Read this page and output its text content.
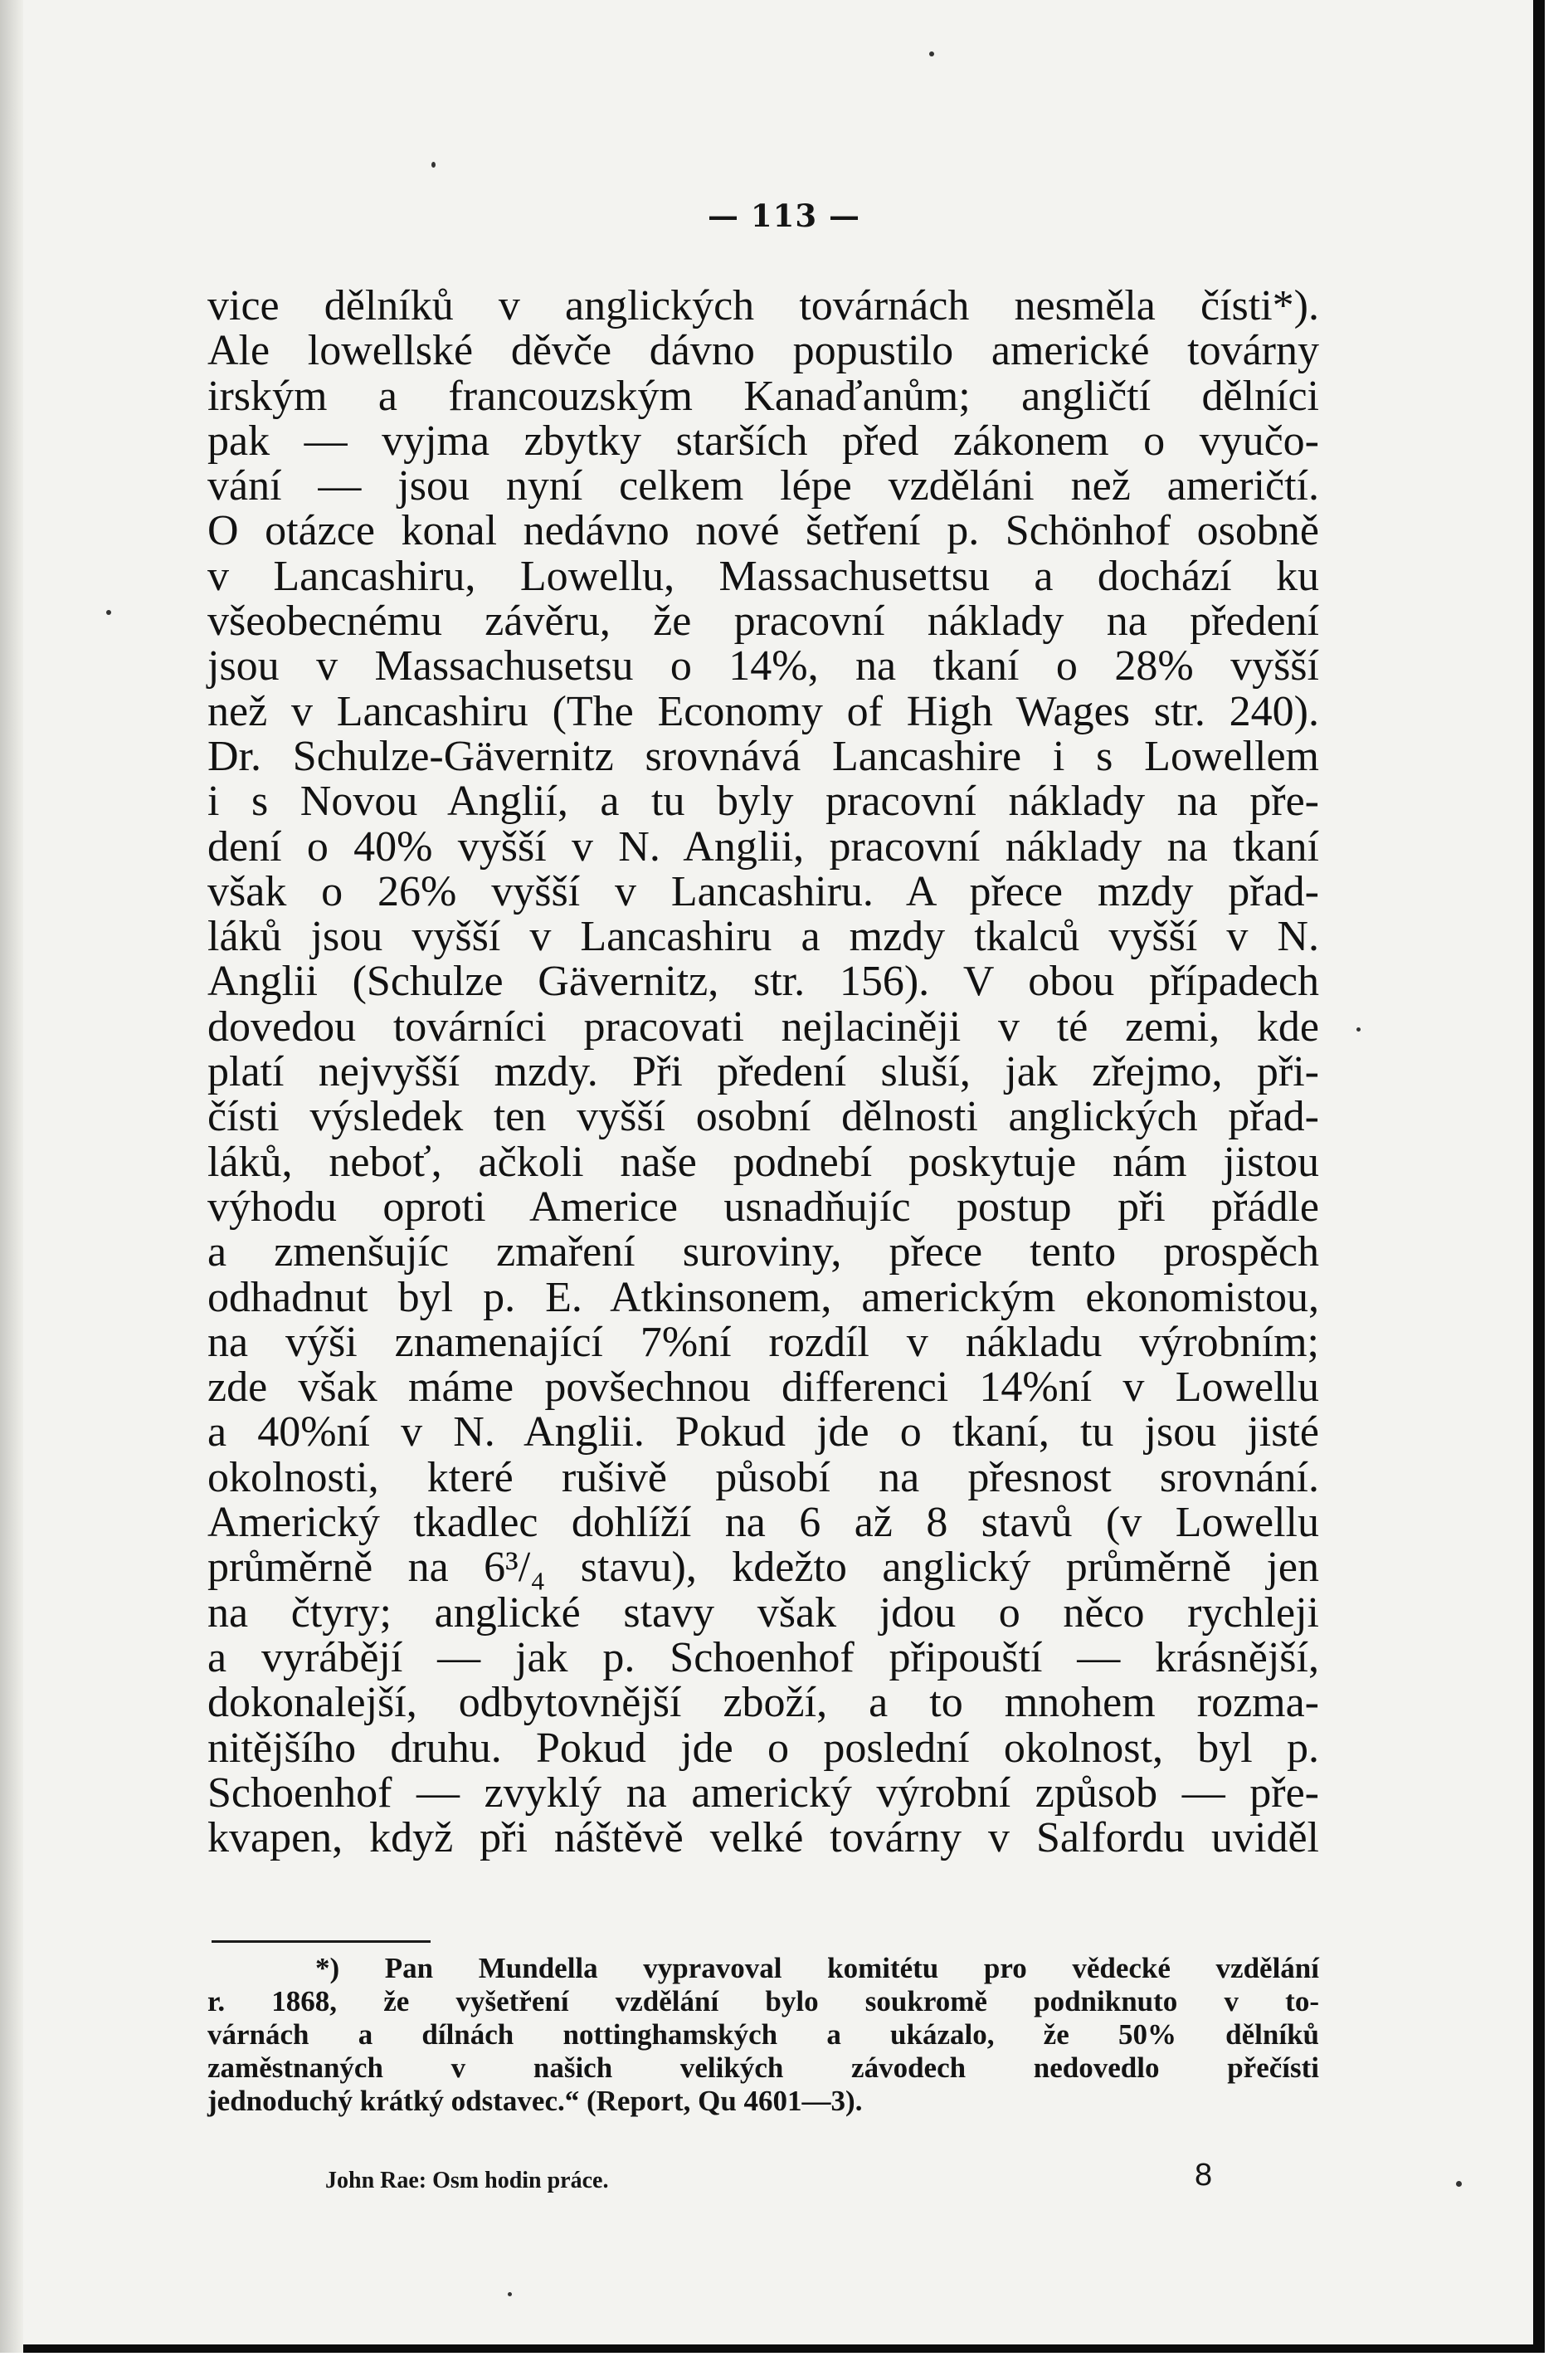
— 113 —
vice dělníků v anglických továrnách nesměla čísti*).
Ale lowellské děvče dávno popustilo americké továrny
irským a francouzským Kanaďanům; angličtí dělníci
pak — vyjma zbytky starších před zákonem o vyučo-
vání — jsou nyní celkem lépe vzděláni než američtí.
O otázce konal nedávno nové šetření p. Schönhof osobně
v Lancashiru, Lowellu, Massachusettsu a dochází ku
všeobecnému závěru, že pracovní náklady na předení
jsou v Massachusetsu o 14%, na tkaní o 28% vyšší
než v Lancashiru (The Economy of High Wages str. 240).
Dr. Schulze-Gävernitz srovnává Lancashire i s Lowellem
i s Novou Anglií, a tu byly pracovní náklady na pře-
dení o 40% vyšší v N. Anglii, pracovní náklady na tkaní
však o 26% vyšší v Lancashiru. A přece mzdy přad-
láků jsou vyšší v Lancashiru a mzdy tkalců vyšší v N.
Anglii (Schulze Gävernitz, str. 156). V obou případech
dovedou továrníci pracovati nejlaciněji v té zemi, kde
platí nejvyšší mzdy. Při předení sluší, jak zřejmo, při-
čísti výsledek ten vyšší osobní dělnosti anglických přad-
láků, neboť, ačkoli naše podnebí poskytuje nám jistou
výhodu oproti Americe usnadňujíc postup při přádle
a zmenšujíc zmaření suroviny, přece tento prospěch
odhadnut byl p. E. Atkinsonem, americkým ekonomistou,
na výši znamenající 7%ní rozdíl v nákladu výrobním;
zde však máme povšechnou differenci 14%ní v Lowellu
a 40%ní v N. Anglii. Pokud jde o tkaní, tu jsou jisté
okolnosti, které rušivě působí na přesnost srovnání.
Americký tkadlec dohlíží na 6 až 8 stavů (v Lowellu
průměrně na 6³/₄ stavu), kdežto anglický průměrně jen
na čtyry; anglické stavy však jdou o něco rychleji
a vyrábějí — jak p. Schoenhof připouští — krásnější,
dokonalejší, odbytovnější zboží, a to mnohem rozma-
nitějšího druhu. Pokud jde o poslední okolnost, byl p.
Schoenhof — zvyklý na americký výrobní způsob — pře-
kvapen, když při náštěvě velké továrny v Salfordu uviděl
*) Pan Mundella vypravoval komitétu pro vědecké vzdělání
r. 1868, že vyšetření vzdělání bylo soukromě podniknuto v to-
várnách a dílnách nottinghamských a ukázalo, že 50% dělníků
zaměstnaných v našich velikých závodech nedovedlo přečísti
jednoduchý krátký odstavec.“ (Report, Qu 4601—3).
John Rae: Osm hodin práce.	8
